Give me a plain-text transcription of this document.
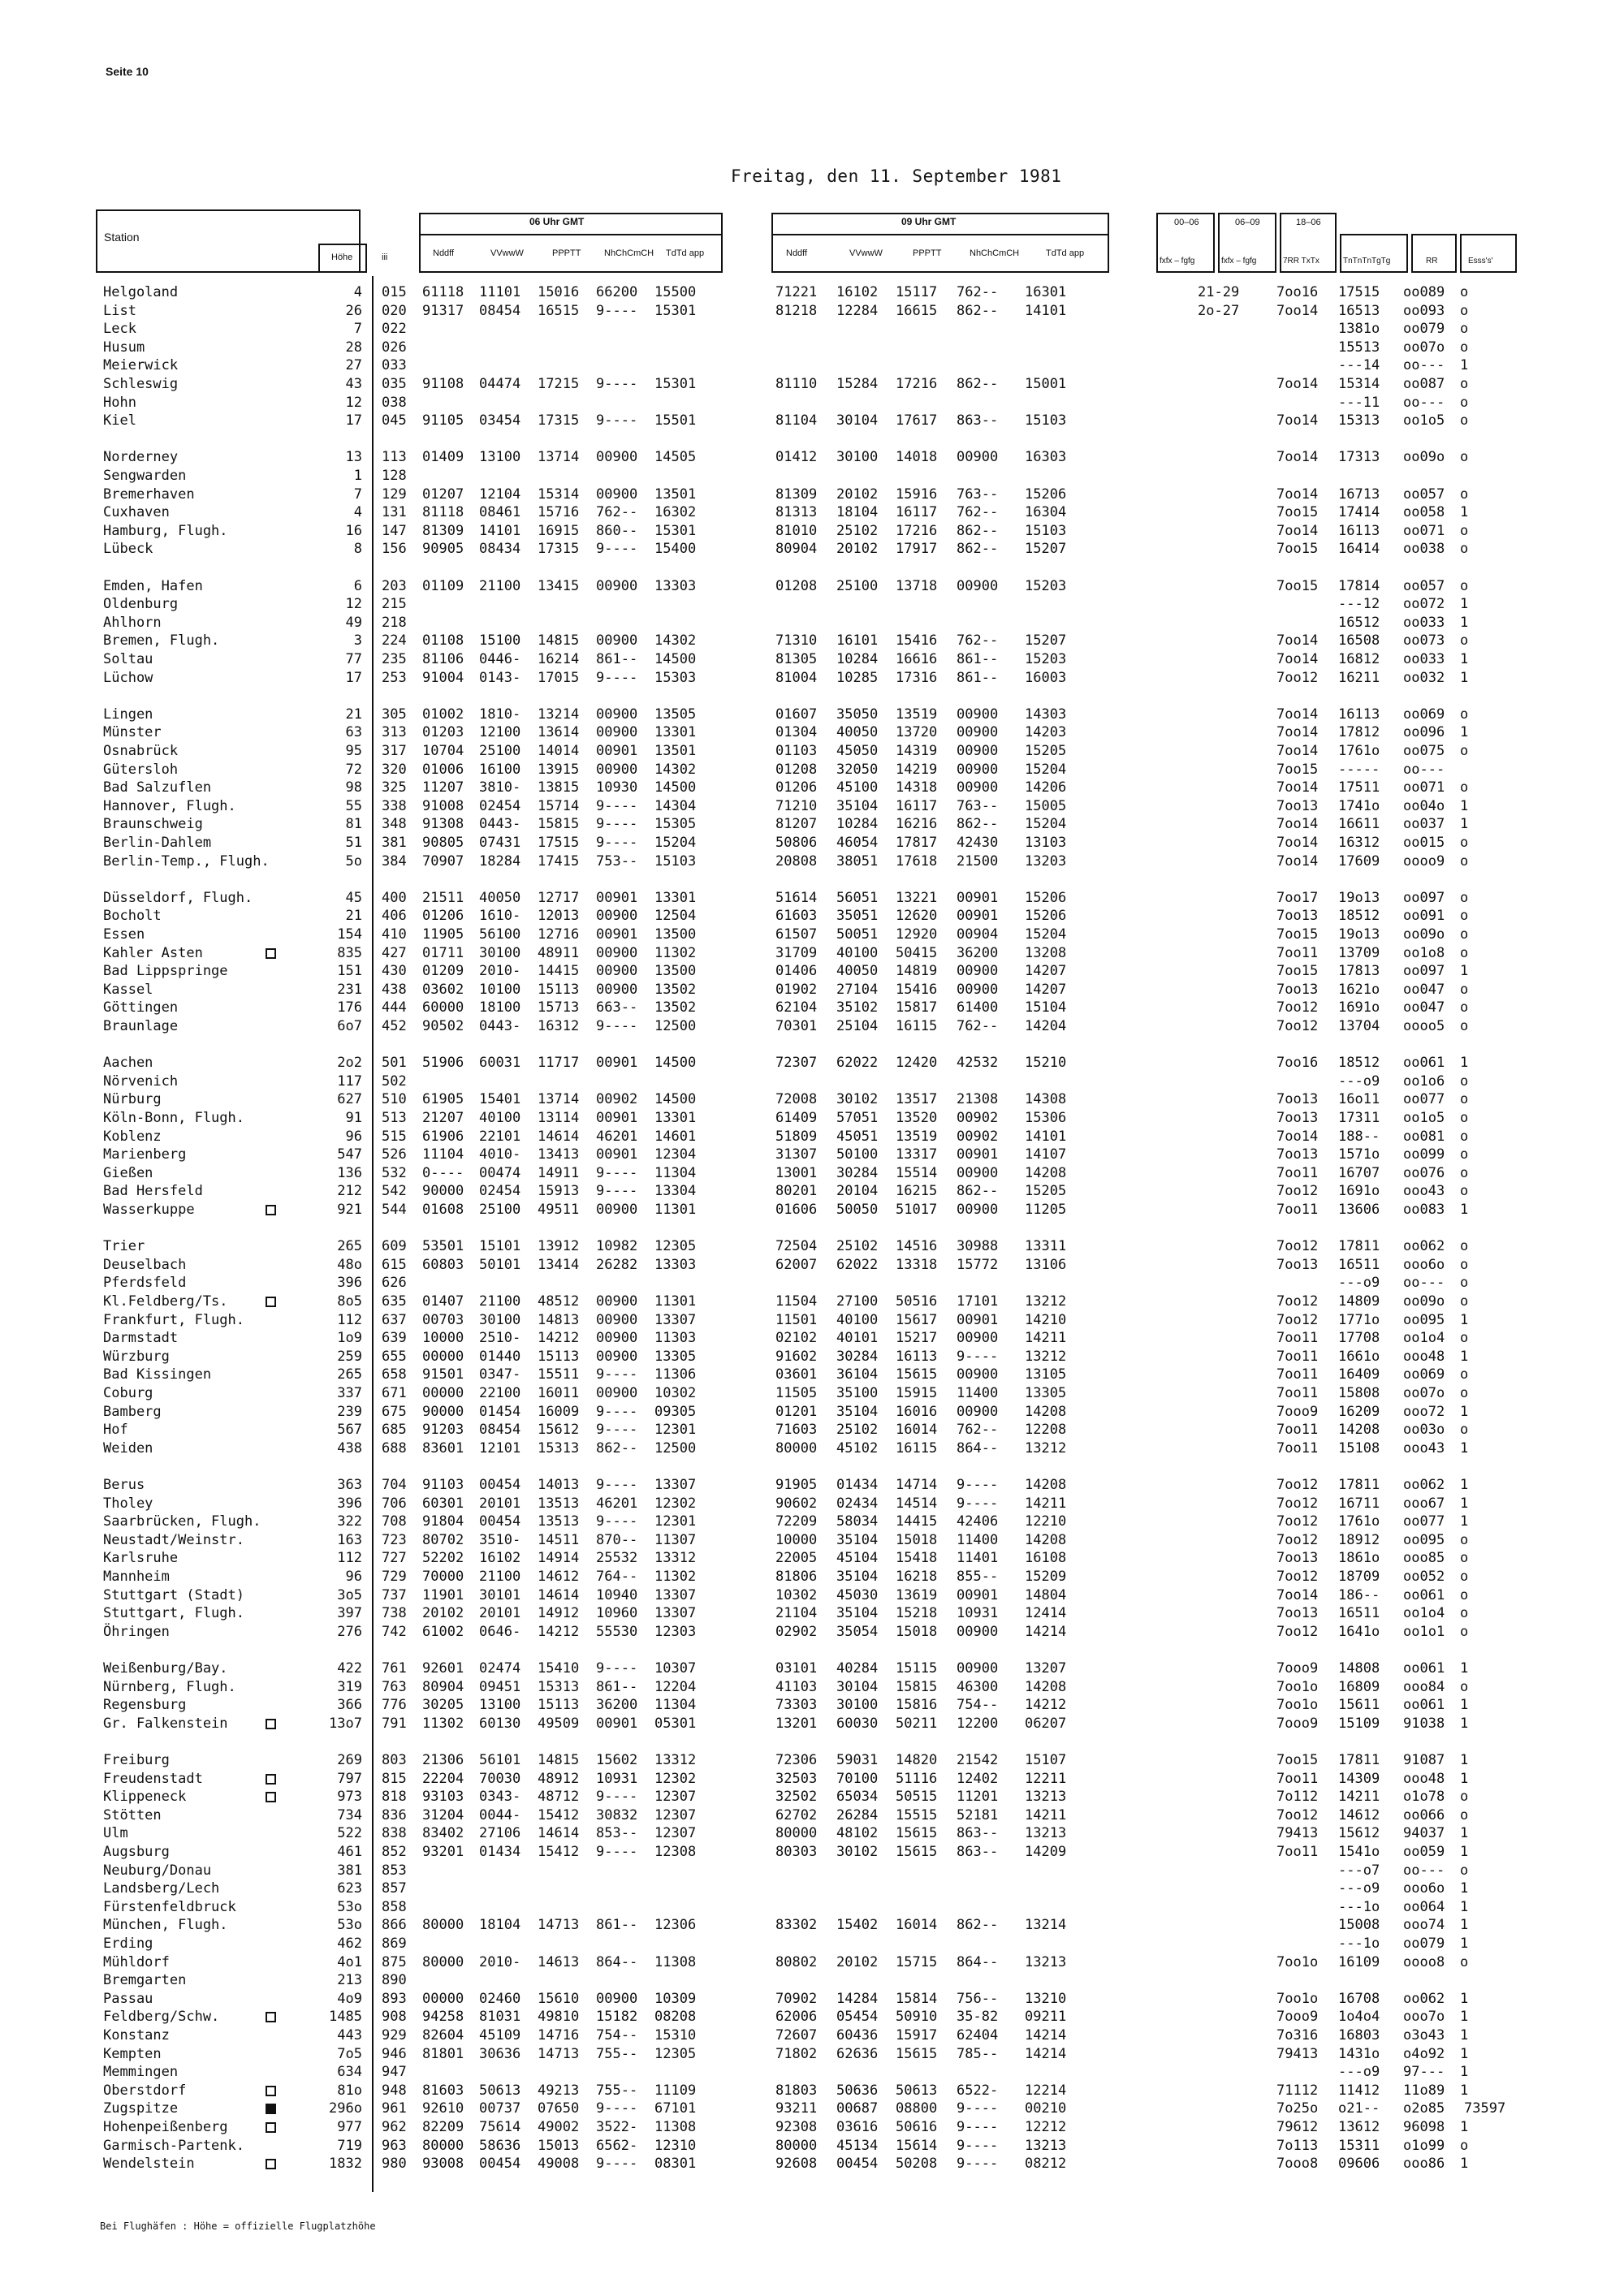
Seite 10
Freitag, den 11. September 1981
Station
Höhe	iii
06 Uhr GMT
Nddff	VVwwW	PPPTT	NhChCmCH TdTd app
09 Uhr GMT
Nddff	VVwwW	PPPTT	NhChCmCH	TdTd app
00–06
fxfx – fgfg
06–09
fxfx – fgfg
18–06
7RR TxTx	TnTnTnTgTg	RR	Esss's'
Helgoland	4 015 61118 11101 15016 66200 15500	71221 16102 15117 762-- 16301	21-29 7oo16 17515 oo089 o
List	26 020 91317 08454 16515 9---- 15301	81218 12284 16615 862-- 14101	2o-27	7oo14 16513 oo093 o
Leck	7 022	1381o oo079 o
Husum	28 026	15513 oo07o o
Meierwick	27 033	---14 oo--- 1
Schleswig	43 035 91108 04474 17215 9---- 15301	81110 15284 17216 862-- 15001	7oo14 15314 oo087 o
Hohn	12 038	---11 oo--- o
Kiel	17 045 91105 03454 17315 9---- 15501	81104 30104 17617 863-- 15103	7oo14 15313 oo1o5 o
Norderney	13 113 01409 13100 13714 00900 14505	01412 30100 14018 00900 16303	7oo14 17313 oo09o o
Sengwarden	1 128
Bremerhaven	7 129 01207 12104 15314 00900 13501	81309 20102 15916 763-- 15206	7oo14 16713 oo057 o
Cuxhaven	4 131 81118 08461 15716 762-- 16302	81313 18104 16117 762-- 16304	7oo15 17414 oo058 1
Hamburg, Flugh.	16 147 81309 14101 16915 860-- 15301	81010 25102 17216 862-- 15103	7oo14 16113 oo071 o
Lübeck	8 156 90905 08434 17315 9---- 15400	80904 20102 17917 862-- 15207	7oo15 16414 oo038 o
Emden, Hafen	6 203 01109 21100 13415 00900 13303	01208 25100 13718 00900 15203	7oo15 17814 oo057 o
Oldenburg	12 215	---12 oo072 1
Ahlhorn	49 218	16512 oo033 1
Bremen, Flugh.	3 224 01108 15100 14815 00900 14302	71310 16101 15416 762-- 15207	7oo14 16508 oo073 o
Soltau	77 235 81106 0446- 16214 861-- 14500	81305 10284 16616 861-- 15203	7oo14 16812 oo033 1
Lüchow	17 253 91004 0143- 17015 9---- 15303	81004 10285 17316 861-- 16003	7oo12 16211 oo032 1
Lingen	21 305 01002 1810- 13214 00900 13505	01607 35050 13519 00900 14303	7oo14 16113 oo069 o
Münster	63 313 01203 12100 13614 00900 13301	01304 40050 13720 00900 14203	7oo14 17812 oo096 1
Osnabrück	95 317 10704 25100 14014 00901 13501	01103 45050 14319 00900 15205	7oo14 1761o oo075 o
Gütersloh	72 320 01006 16100 13915 00900 14302	01208 32050 14219 00900 15204	7oo15 ----- oo---
Bad Salzuflen	98 325 11207 3810- 13815 10930 14500	01206 45100 14318 00900 14206	7oo14 17511 oo071 o
Hannover, Flugh.	55 338 91008 02454 15714 9---- 14304	71210 35104 16117 763-- 15005	7oo13 1741o oo04o 1
Braunschweig	81 348 91308 0443- 15815 9---- 15305	81207 10284 16216 862-- 15204	7oo14 16611 oo037 1
Berlin-Dahlem	51 381 90805 07431 17515 9---- 15204	50806 46054 17817 42430 13103	7oo14 16312 oo015 o
Berlin-Temp., Flugh.	5o 384 70907 18284 17415 753-- 15103	20808 38051 17618 21500 13203	7oo14 17609 oooo9 o
Düsseldorf, Flugh.	45 400 21511 40050 12717 00901 13301	51614 56051 13221 00901 15206	7oo17 19o13 oo097 o
Bocholt	21 406 01206 1610- 12013 00900 12504	61603 35051 12620 00901 15206	7oo13 18512 oo091 o
Essen	154 410 11905 56100 12716 00901 13500	61507 50051 12920 00904 15204	7oo15 19o13 oo09o o
Kahler Asten	835 427 01711 30100 48911 00900 11302	31709 40100 50415 36200 13208	7oo11 13709 oo1o8 o
Bad Lippspringe	151 430 01209 2010- 14415 00900 13500	01406 40050 14819 00900 14207	7oo15 17813 oo097 1
Kassel	231 438 03602 10100 15113 00900 13502	01902 27104 15416 00900 14207	7oo13 1621o oo047 o
Göttingen	176 444 60000 18100 15713 663-- 13502	62104 35102 15817 61400 15104	7oo12 1691o oo047 o
Braunlage	6o7 452 90502 0443- 16312 9---- 12500	70301 25104 16115 762-- 14204	7oo12 13704 oooo5 o
Aachen	2o2 501 51906 60031 11717 00901 14500	72307 62022 12420 42532 15210	7oo16 18512 oo061 1
Nörvenich	117 502	---o9 oo1o6 o
Nürburg	627 510 61905 15401 13714 00902 14500	72008 30102 13517 21308 14308	7oo13 16o11 oo077 o
Köln-Bonn, Flugh.	91 513 21207 40100 13114 00901 13301	61409 57051 13520 00902 15306	7oo13 17311 oo1o5 o
Koblenz	96 515 61906 22101 14614 46201 14601	51809 45051 13519 00902 14101	7oo14 188-- oo081 o
Marienberg	547 526 11104 4010- 13413 00901 12304	31307 50100 13317 00901 14107	7oo13 1571o oo099 o
Gießen	136 532 0---- 00474 14911 9---- 11304	13001 30284 15514 00900 14208	7oo11 16707 oo076 o
Bad Hersfeld	212 542 90000 02454 15913 9---- 13304	80201 20104 16215 862-- 15205	7oo12 1691o ooo43 o
Wasserkuppe	921 544 01608 25100 49511 00900 11301	01606 50050 51017 00900 11205	7oo11 13606 oo083 1
Trier	265 609 53501 15101 13912 10982 12305	72504 25102 14516 30988 13311	7oo12 17811 oo062 o
Deuselbach	48o 615 60803 50101 13414 26282 13303	62007 62022 13318 15772 13106	7oo13 16511 ooo6o o
Pferdsfeld	396 626	---o9 oo--- o
Kl.Feldberg/Ts.	8o5 635 01407 21100 48512 00900 11301	11504 27100 50516 17101 13212	7oo12 14809 oo09o o
Frankfurt, Flugh.	112 637 00703 30100 14813 00900 13307	11501 40100 15617 00901 14210	7oo12 1771o oo095 1
Darmstadt	1o9 639 10000 2510- 14212 00900 11303	02102 40101 15217 00900 14211	7oo11 17708 oo1o4 o
Würzburg	259 655 00000 01440 15113 00900 13305	91602 30284 16113 9---- 13212	7oo11 1661o ooo48 1
Bad Kissingen	265 658 91501 0347- 15511 9---- 11306	03601 36104 15615 00900 13105	7oo11 16409 oo069 o
Coburg	337 671 00000 22100 16011 00900 10302	11505 35100 15915 11400 13305	7oo11 15808 oo07o o
Bamberg	239 675 90000 01454 16009 9---- 09305	01201 35104 16016 00900 14208	7ooo9 16209 ooo72 1
Hof	567 685 91203 08454 15612 9---- 12301	71603 25102 16014 762-- 12208	7oo11 14208 oo03o o
Weiden	438 688 83601 12101 15313 862-- 12500	80000 45102 16115 864-- 13212	7oo11 15108 ooo43 1
Berus	363 704 91103 00454 14013 9---- 13307	91905 01434 14714 9---- 14208	7oo12 17811 oo062 1
Tholey	396 706 60301 20101 13513 46201 12302	90602 02434 14514 9---- 14211	7oo12 16711 ooo67 1
Saarbrücken, Flugh.	322 708 91804 00454 13513 9---- 12301	72209 58034 14415 42406 12210	7oo12 1761o oo077 1
Neustadt/Weinstr.	163 723 80702 3510- 14511 870-- 11307	10000 35104 15018 11400 14208	7oo12 18912 oo095 o
Karlsruhe	112 727 52202 16102 14914 25532 13312	22005 45104 15418 11401 16108	7oo13 1861o ooo85 o
Mannheim	96 729 70000 21100 14612 764-- 11302	81806 35104 16218 855-- 15209	7oo12 18709 oo052 o
Stuttgart (Stadt)	3o5 737 11901 30101 14614 10940 13307	10302 45030 13619 00901 14804	7oo14 186-- oo061 o
Stuttgart, Flugh.	397 738 20102 20101 14912 10960 13307	21104 35104 15218 10931 12414	7oo13 16511 oo1o4 o
Öhringen	276 742 61002 0646- 14212 55530 12303	02902 35054 15018 00900 14214	7oo12 1641o oo1o1 o
Weißenburg/Bay.	422 761 92601 02474 15410 9---- 10307	03101 40284 15115 00900 13207	7ooo9 14808 oo061 1
Nürnberg, Flugh.	319 763 80904 09451 15313 861-- 12204	41103 30104 15815 46300 14208	7oo1o 16809 ooo84 o
Regensburg	366 776 30205 13100 15113 36200 11304	73303 30100 15816 754-- 14212	7oo1o 15611 oo061 1
Gr. Falkenstein	13o7 791 11302 60130 49509 00901 05301	13201 60030 50211 12200 06207	7ooo9 15109 91038 1
Freiburg	269 803 21306 56101 14815 15602 13312	72306 59031 14820 21542 15107	7oo15 17811 91087 1
Freudenstadt	797 815 22204 70030 48912 10931 12302	32503 70100 51116 12402 12211	7oo11 14309 ooo48 1
Klippeneck	973 818 93103 0343- 48712 9---- 12307	32502 65034 50515 11201 13213	7o112 14211 o1o78 o
Stötten	734 836 31204 0044- 15412 30832 12307	62702 26284 15515 52181 14211	7oo12 14612 oo066 o
Ulm	522 838 83402 27106 14614 853-- 12307	80000 48102 15615 863-- 13213	79413 15612 94037 1
Augsburg	461 852 93201 01434 15412 9---- 12308	80303 30102 15615 863-- 14209	7oo11 1541o oo059 1
Neuburg/Donau	381 853	---o7 oo--- o
Landsberg/Lech	623 857	---o9 ooo6o 1
Fürstenfeldbruck	53o 858	---1o oo064 1
München, Flugh.	53o 866 80000 18104 14713 861-- 12306	83302 15402 16014 862-- 13214	15008 ooo74 1
Erding	462 869	---1o oo079 1
Mühldorf	4o1 875 80000 2010- 14613 864-- 11308	80802 20102 15715 864-- 13213	7oo1o 16109 oooo8 o
Bremgarten	213 890
Passau	4o9 893 00000 02460 15610 00900 10309	70902 14284 15814 756-- 13210	7oo1o 16708 oo062 1
Feldberg/Schw.	1485 908 94258 81031 49810 15182 08208	62006 05454 50910 35-82 09211	7ooo9 1o4o4 ooo7o 1
Konstanz	443 929 82604 45109 14716 754-- 15310	72607 60436 15917 62404 14214	7o316 16803 o3o43 1
Kempten	7o5 946 81801 30636 14713 755-- 12305	71802 62636 15615 785-- 14214	79413 1431o o4o92 1
Memmingen	634 947	---o9 97--- 1
Oberstdorf	81o 948 81603 50613 49213 755-- 11109	81803 50636 50613 6522- 12214	71112 11412 11o89 1
Zugspitze	296o 961 92610 00737 07650 9---- 67101	93211 00687 08800 9---- 00210	7o25o o21-- o2o85 73597
Hohenpeißenberg	977 962 82209 75614 49002 3522- 11308	92308 03616 50616 9---- 12212	79612 13612 96098 1
Garmisch-Partenk.	719 963 80000 58636 15013 6562- 12310	80000 45134 15614 9---- 13213	7o113 15311 o1o99 o
Wendelstein	1832 980 93008 00454 49008 9---- 08301	92608 00454 50208 9---- 08212	7ooo8 09606 ooo86 1
Bei Flughäfen : Höhe = offizielle Flugplatzhöhe
